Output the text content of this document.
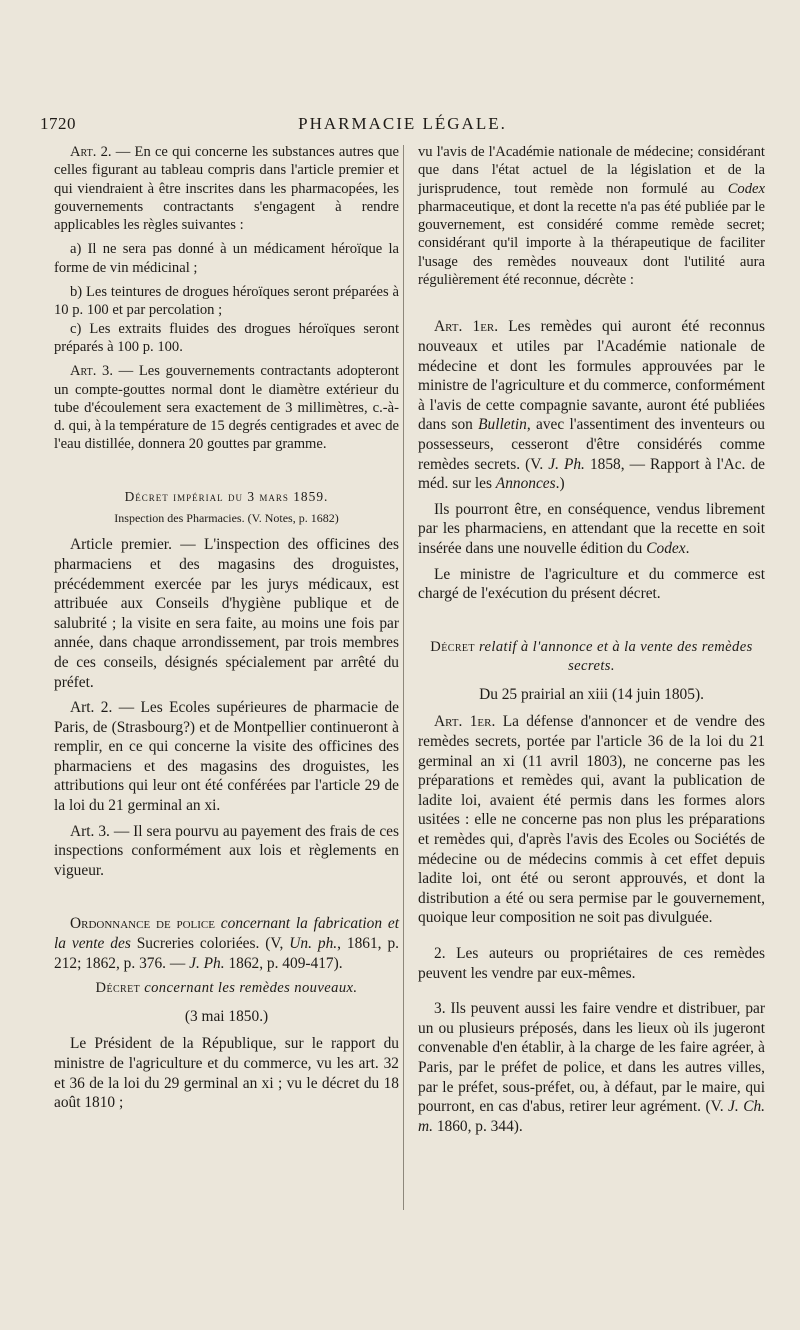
1720	PHARMACIE LÉGALE.

Art. 2. — En ce qui concerne les substances autres que celles figurant au tableau compris dans l'article premier et qui viendraient à être inscrites dans les pharmacopées, les gouvernements contractants s'engagent à rendre applicables les règles suivantes :

a) Il ne sera pas donné à un médicament héroïque la forme de vin médicinal ;

b) Les teintures de drogues héroïques seront préparées à 10 p. 100 et par percolation ;

c) Les extraits fluides des drogues héroïques seront préparés à 100 p. 100.

Art. 3. — Les gouvernements contractants adopteront un compte-gouttes normal dont le diamètre extérieur du tube d'écoulement sera exactement de 3 millimètres, c.-à-d. qui, à la température de 15 degrés centigrades et avec de l'eau distillée, donnera 20 gouttes par gramme.

Décret impérial du 3 mars 1859.

Inspection des Pharmacies. (V. Notes, p. 1682)

Article premier. — L'inspection des officines des pharmaciens et des magasins des droguistes, précédemment exercée par les jurys médicaux, est attribuée aux Conseils d'hygiène publique et de salubrité ; la visite en sera faite, au moins une fois par année, dans chaque arrondissement, par trois membres de ces conseils, désignés spécialement par arrêté du préfet.

Art. 2. — Les Ecoles supérieures de pharmacie de Paris, de (Strasbourg?) et de Montpellier continueront à remplir, en ce qui concerne la visite des officines des pharmaciens et des magasins des droguistes, les attributions qui leur ont été conférées par l'article 29 de la loi du 21 germinal an xi.

Art. 3. — Il sera pourvu au payement des frais de ces inspections conformément aux lois et règlements en vigueur.

Ordonnance de police concernant la fabrication et la vente des Sucreries coloriées. (V, Un. ph., 1861, p. 212; 1862, p. 376. — J. Ph. 1862, p. 409-417).

Décret concernant les remèdes nouveaux.

(3 mai 1850.)

Le Président de la République, sur le rapport du ministre de l'agriculture et du commerce, vu les art. 32 et 36 de la loi du 29 germinal an xi ; vu le décret du 18 août 1810 ;

vu l'avis de l'Académie nationale de médecine; considérant que dans l'état actuel de la législation et de la jurisprudence, tout remède non formulé au Codex pharmaceutique, et dont la recette n'a pas été publiée par le gouvernement, est considéré comme remède secret; considérant qu'il importe à la thérapeutique de faciliter l'usage des remèdes nouveaux dont l'utilité aura régulièrement été reconnue, décrète :

Art. 1er. Les remèdes qui auront été reconnus nouveaux et utiles par l'Académie nationale de médecine et dont les formules approuvées par le ministre de l'agriculture et du commerce, conformément à l'avis de cette compagnie savante, auront été publiées dans son Bulletin, avec l'assentiment des inventeurs ou possesseurs, cesseront d'être considérés comme remèdes secrets. (V. J. Ph. 1858, — Rapport à l'Ac. de méd. sur les Annonces.)

Ils pourront être, en conséquence, vendus librement par les pharmaciens, en attendant que la recette en soit insérée dans une nouvelle édition du Codex.

Le ministre de l'agriculture et du commerce est chargé de l'exécution du présent décret.

Décret relatif à l'annonce et à la vente des remèdes secrets.

Du 25 prairial an xiii (14 juin 1805).

Art. 1er. La défense d'annoncer et de vendre des remèdes secrets, portée par l'article 36 de la loi du 21 germinal an xi (11 avril 1803), ne concerne pas les préparations et remèdes qui, avant la publication de ladite loi, avaient été permis dans les formes alors usitées : elle ne concerne pas non plus les préparations et remèdes qui, d'après l'avis des Ecoles ou Sociétés de médecine ou de médecins commis à cet effet depuis ladite loi, ont été ou seront approuvés, et dont la distribution a été ou sera permise par le gouvernement, quoique leur composition ne soit pas divulguée.

2. Les auteurs ou propriétaires de ces remèdes peuvent les vendre par eux-mêmes.

3. Ils peuvent aussi les faire vendre et distribuer, par un ou plusieurs préposés, dans les lieux où ils jugeront convenable d'en établir, à la charge de les faire agréer, à Paris, par le préfet de police, et dans les autres villes, par le préfet, sous-préfet, ou, à défaut, par le maire, qui pourront, en cas d'abus, retirer leur agrément. (V. J. Ch. m. 1860, p. 344).
